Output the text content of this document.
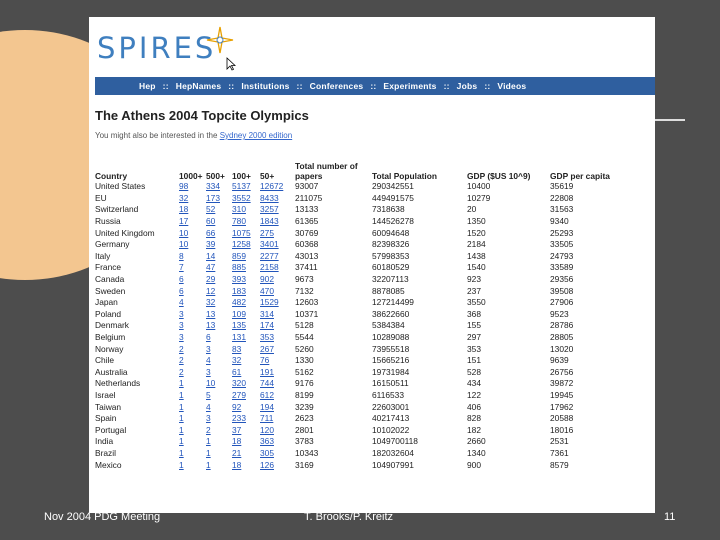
SPIRES
Hep :: HepNames :: Institutions :: Conferences :: Experiments :: Jobs :: Videos
The Athens 2004 Topcite Olympics
You might also be interested in the Sydney 2000 edition
Country	1000+	500+	100+	50+	Total number of papers	Total Population	GDP ($US 10^9)	GDP per capita
United States	98	334	5137	12672	93007	290342551	10400	35619
EU	32	173	3552	8433	211075	449491575	10279	22808
Switzerland	18	52	310	3257	13133	7318638	20	31563
Russia	17	60	780	1843	61365	144526278	1350	9340
United Kingdom	10	66	1075	275	30769	60094648	1520	25293
Germany	10	39	1258	3401	60368	82398326	2184	33505
Italy	8	14	859	2277	43013	57998353	1438	24793
France	7	47	885	2158	37411	60180529	1540	33589
Canada	6	29	393	902	9673	32207113	923	29356
Sweden	6	12	183	470	7132	8878085	237	39508
Japan	4	32	482	1529	12603	127214499	3550	27906
Poland	3	13	109	314	10371	38622660	368	9523
Denmark	3	13	135	174	5128	5384384	155	28786
Belgium	3	6	131	353	5544	10289088	297	28805
Norway	2	3	83	267	5260	73955518	353	13020
Chile	2	4	32	76	1330	15665216	151	9639
Australia	2	3	61	191	5162	19731984	528	26756
Netherlands	1	10	320	744	9176	16150511	434	39872
Israel	1	5	279	612	8199	6116533	122	19945
Taiwan	1	4	92	194	3239	22603001	406	17962
Spain	1	3	233	711	2623	40217413	828	20588
Portugal	1	2	37	120	2801	10102022	182	18016
India	1	1	18	363	3783	1049700118	2660	2531
Brazil	1	1	21	305	10343	182032604	1340	7361
Mexico	1	1	18	126	3169	104907991	900	8579
Nov 2004 PDG Meeting	T. Brooks/P. Kreitz	11
